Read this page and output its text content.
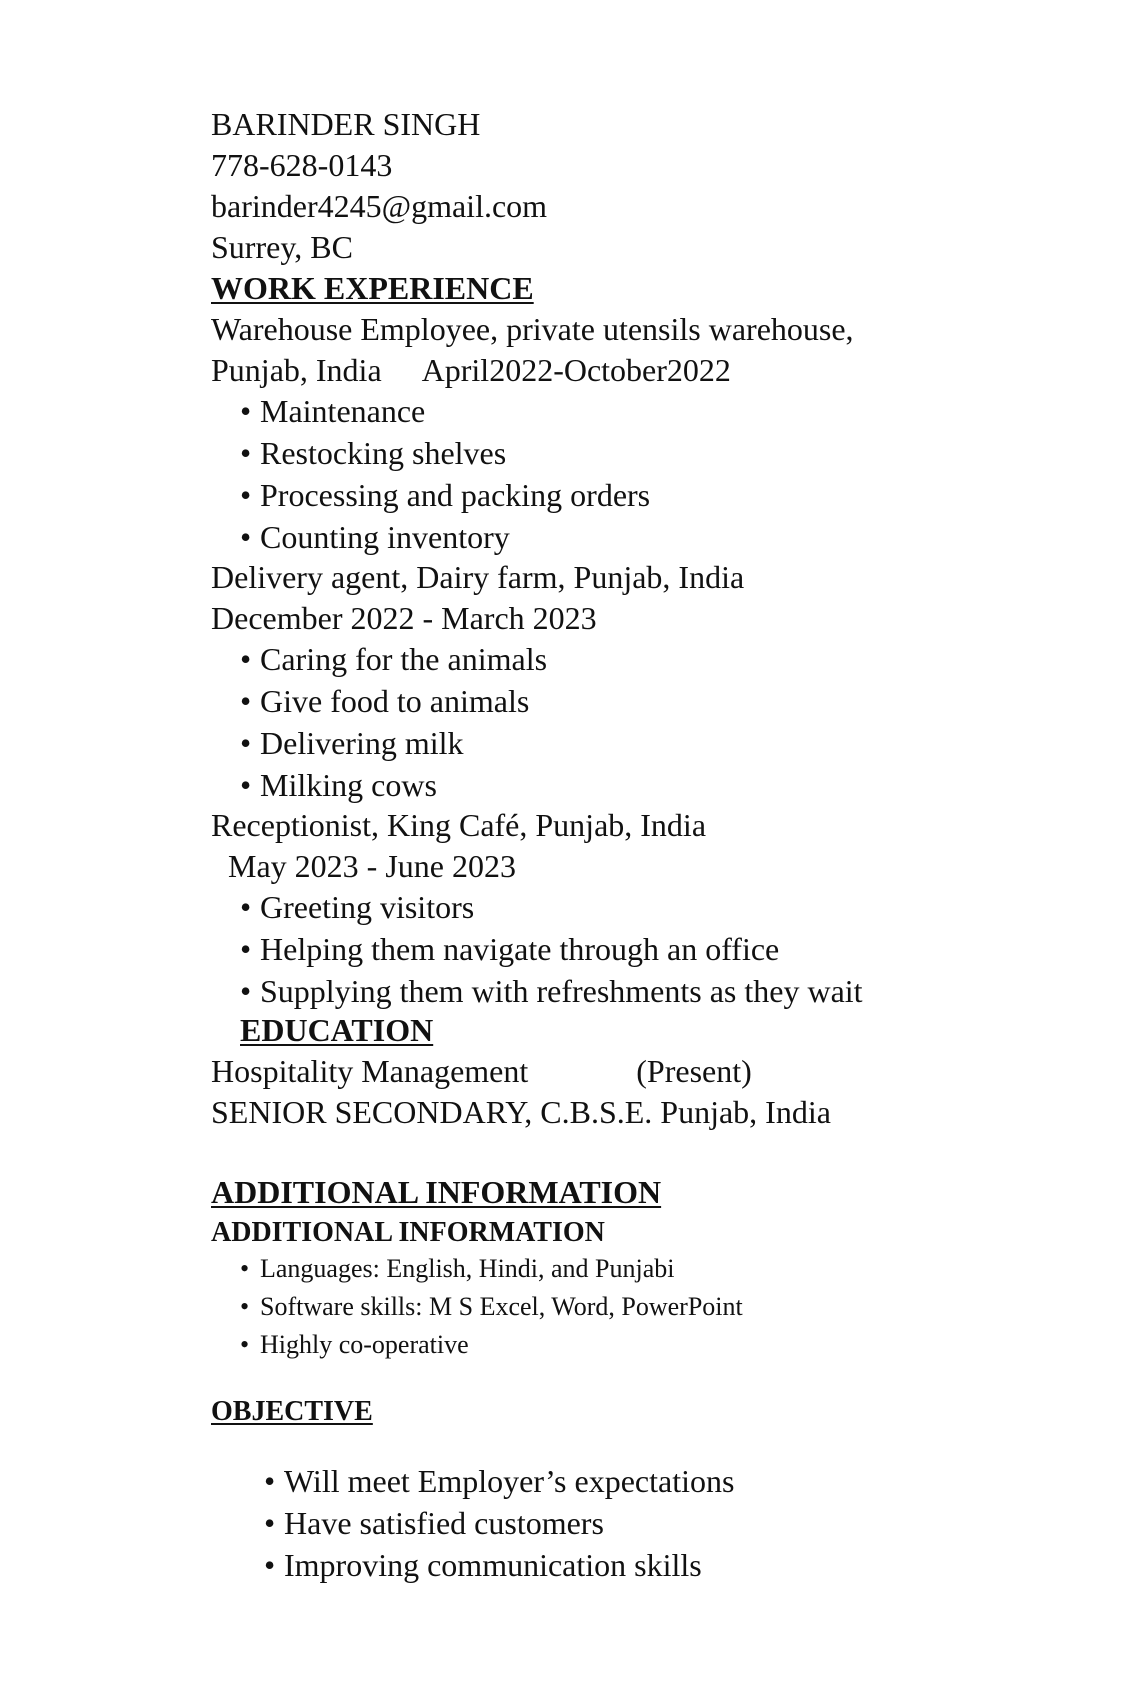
BARINDER SINGH
778-628-0143
barinder4245@gmail.com
Surrey, BC
WORK EXPERIENCE
Warehouse Employee, private utensils warehouse,
Punjab, India April2022-October2022
• Maintenance
• Restocking shelves
• Processing and packing orders
• Counting inventory
Delivery agent, Dairy farm, Punjab, India
December 2022 - March 2023
• Caring for the animals
• Give food to animals
• Delivering milk
• Milking cows
Receptionist, King Café, Punjab, India
May 2023 - June 2023
• Greeting visitors
• Helping them navigate through an office
• Supplying them with refreshments as they wait
EDUCATION
Hospitality Management	(Present)
SENIOR SECONDARY, C.B.S.E. Punjab, India
ADDITIONAL INFORMATION
ADDITIONAL INFORMATION
• Languages: English, Hindi, and Punjabi
• Software skills: M S Excel, Word, PowerPoint
• Highly co-operative
OBJECTIVE
• Will meet Employer’s expectations
• Have satisfied customers
• Improving communication skills
